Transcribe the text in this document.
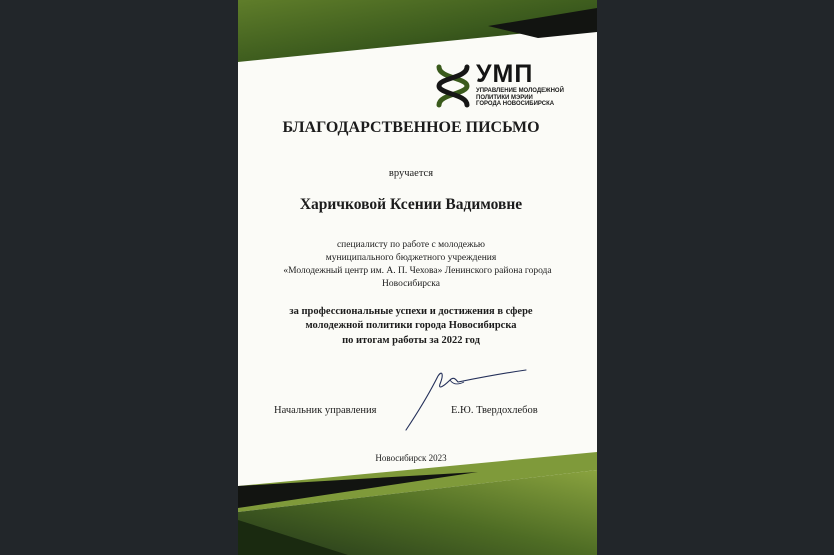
УМП
УПРАВЛЕНИЕ МОЛОДЕЖНОЙ
ПОЛИТИКИ МЭРИИ
ГОРОДА НОВОСИБИРСКА
БЛАГОДАРСТВЕННОЕ ПИСЬМО
вручается
Харичковой Ксении Вадимовне
специалисту по работе с молодежью
муниципального бюджетного учреждения
«Молодежный центр им. А. П. Чехова» Ленинского района города
Новосибирска
за профессиональные успехи и достижения в сфере
молодежной политики города Новосибирска
по итогам работы за 2022 год
Начальник управления	Е.Ю. Твердохлебов
Новосибирск 2023
